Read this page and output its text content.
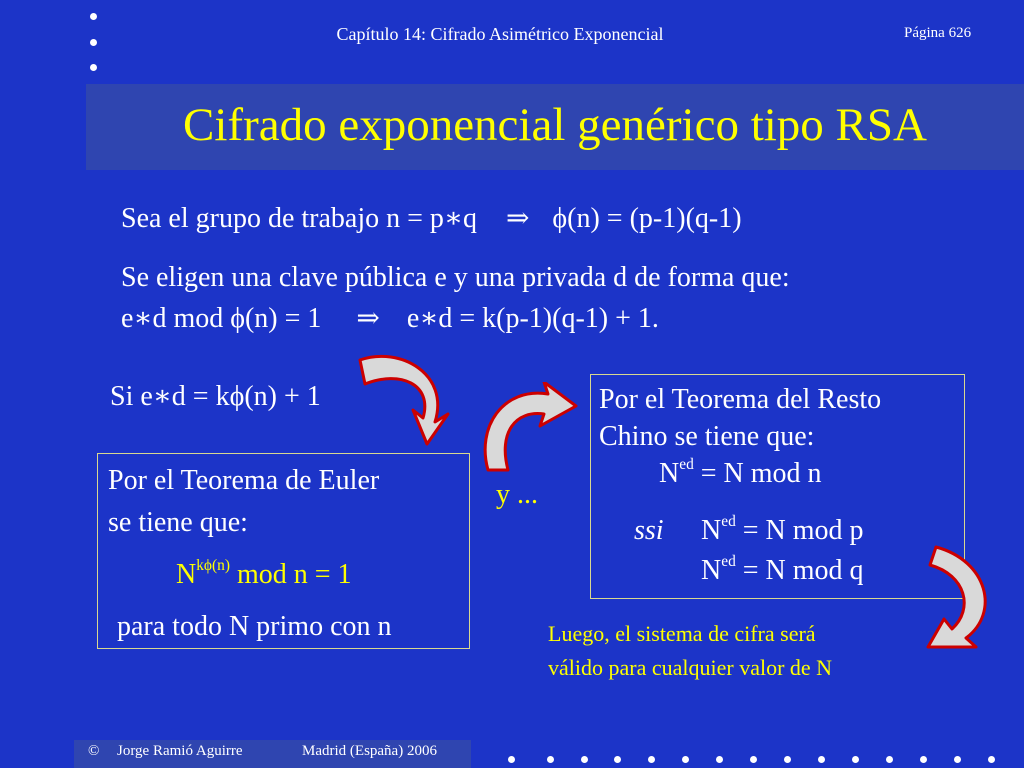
Capítulo 14: Cifrado Asimétrico Exponencial	Página 626
Cifrado exponencial genérico tipo RSA
Sea el grupo de trabajo n = p∗q ⇒ ϕ(n) = (p-1)(q-1)
Se eligen una clave pública e y una privada d de forma que:
e∗d mod ϕ(n) = 1 ⇒ e∗d = k(p-1)(q-1) + 1.
Si e∗d = kϕ(n) + 1
y ...
Por el Teorema de Euler
se tiene que:
$N^{k\phi(n)}$ mod n = 1
para todo N primo con n
Por el Teorema del Resto
Chino se tiene que:
$N^{ed} = N$ mod n
ssi $N^{ed} = N$ mod p
$N^{ed} = N$ mod q
Luego, el sistema de cifra será
válido para cualquier valor de N
© Jorge Ramió Aguirre	Madrid (España) 2006
